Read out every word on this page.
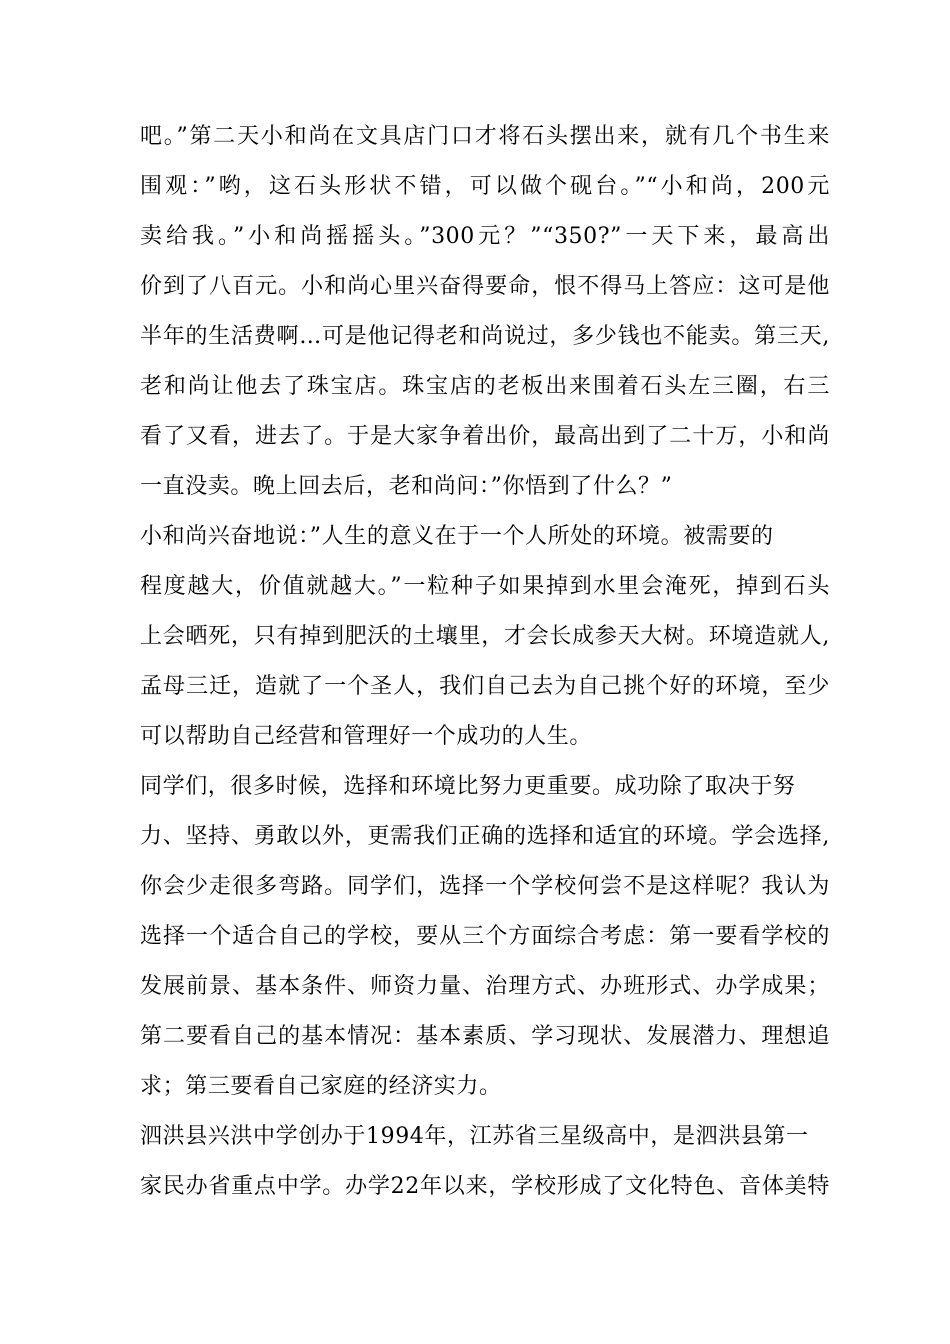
吧。”第二天小和尚在文具店门口才将石头摆出来，就有几个书生来
围观：”哟，这石头形状不错，可以做个砚台。”“小和尚，200元
卖给我。”小和尚摇摇头。”300元？”“350?”一天下来，最高出
价到了八百元。小和尚心里兴奋得要命，恨不得马上答应：这可是他
半年的生活费啊…可是他记得老和尚说过，多少钱也不能卖。第三天,
老和尚让他去了珠宝店。珠宝店的老板出来围着石头左三圈，右三
看了又看，进去了。于是大家争着出价，最高出到了二十万，小和尚
一直没卖。晚上回去后，老和尚问：”你悟到了什么？”
小和尚兴奋地说：”人生的意义在于一个人所处的环境。被需要的
程度越大，价值就越大。”一粒种子如果掉到水里会淹死，掉到石头
上会晒死，只有掉到肥沃的土壤里，才会长成参天大树。环境造就人,
孟母三迁，造就了一个圣人，我们自己去为自己挑个好的环境，至少
可以帮助自己经营和管理好一个成功的人生。
同学们，很多时候，选择和环境比努力更重要。成功除了取决于努
力、坚持、勇敢以外，更需我们正确的选择和适宜的环境。学会选择,
你会少走很多弯路。同学们，选择一个学校何尝不是这样呢？我认为
选择一个适合自己的学校，要从三个方面综合考虑：第一要看学校的
发展前景、基本条件、师资力量、治理方式、办班形式、办学成果；
第二要看自己的基本情况：基本素质、学习现状、发展潜力、理想追
求；第三要看自己家庭的经济实力。
泗洪县兴洪中学创办于1994年，江苏省三星级高中，是泗洪县第一
家民办省重点中学。办学22年以来，学校形成了文化特色、音体美特
